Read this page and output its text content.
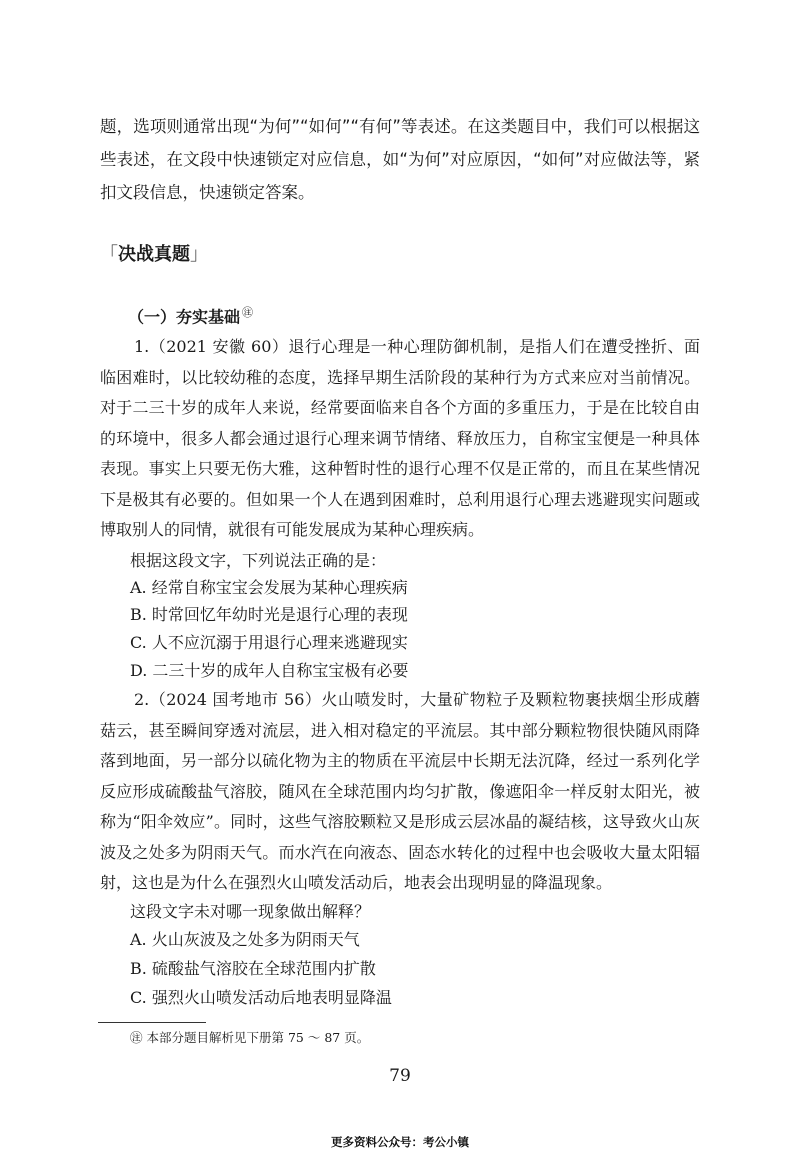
题，选项则通常出现“为何”“如何”“有何”等表述。在这类题目中，我们可以根据这些表述，在文段中快速锁定对应信息，如“为何”对应原因，“如何”对应做法等，紧扣文段信息，快速锁定答案。

「决战真题」
（一）夯实基础 ㊟

1.（2021 安徽 60）退行心理是一种心理防御机制，是指人们在遭受挫折、面临困难时，以比较幼稚的态度，选择早期生活阶段的某种行为方式来应对当前情况。对于二三十岁的成年人来说，经常要面临来自各个方面的多重压力，于是在比较自由的环境中，很多人都会通过退行心理来调节情绪、释放压力，自称宝宝便是一种具体表现。事实上只要无伤大雅，这种暂时性的退行心理不仅是正常的，而且在某些情况下是极其有必要的。但如果一个人在遇到困难时，总利用退行心理去逃避现实问题或博取别人的同情，就很有可能发展成为某种心理疾病。

根据这段文字，下列说法正确的是：

A. 经常自称宝宝会发展为某种心理疾病

B. 时常回忆年幼时光是退行心理的表现

C. 人不应沉溺于用退行心理来逃避现实

D. 二三十岁的成年人自称宝宝极有必要

2.（2024 国考地市 56）火山喷发时，大量矿物粒子及颗粒物裹挟烟尘形成蘑菇云，甚至瞬间穿透对流层，进入相对稳定的平流层。其中部分颗粒物很快随风雨降落到地面，另一部分以硫化物为主的物质在平流层中长期无法沉降，经过一系列化学反应形成硫酸盐气溶胶，随风在全球范围内均匀扩散，像遮阳伞一样反射太阳光，被称为“阳伞效应”。同时，这些气溶胶颗粒又是形成云层冰晶的凝结核，这导致火山灰波及之处多为阴雨天气。而水汽在向液态、固态水转化的过程中也会吸收大量太阳辐射，这也是为什么在强烈火山喷发活动后，地表会出现明显的降温现象。

这段文字未对哪一现象做出解释？

A. 火山灰波及之处多为阴雨天气

B. 硫酸盐气溶胶在全球范围内扩散

C. 强烈火山喷发活动后地表明显降温

㊟ 本部分题目解析见下册第 75 ～ 87 页。

79

更多资料公众号：考公小镇
